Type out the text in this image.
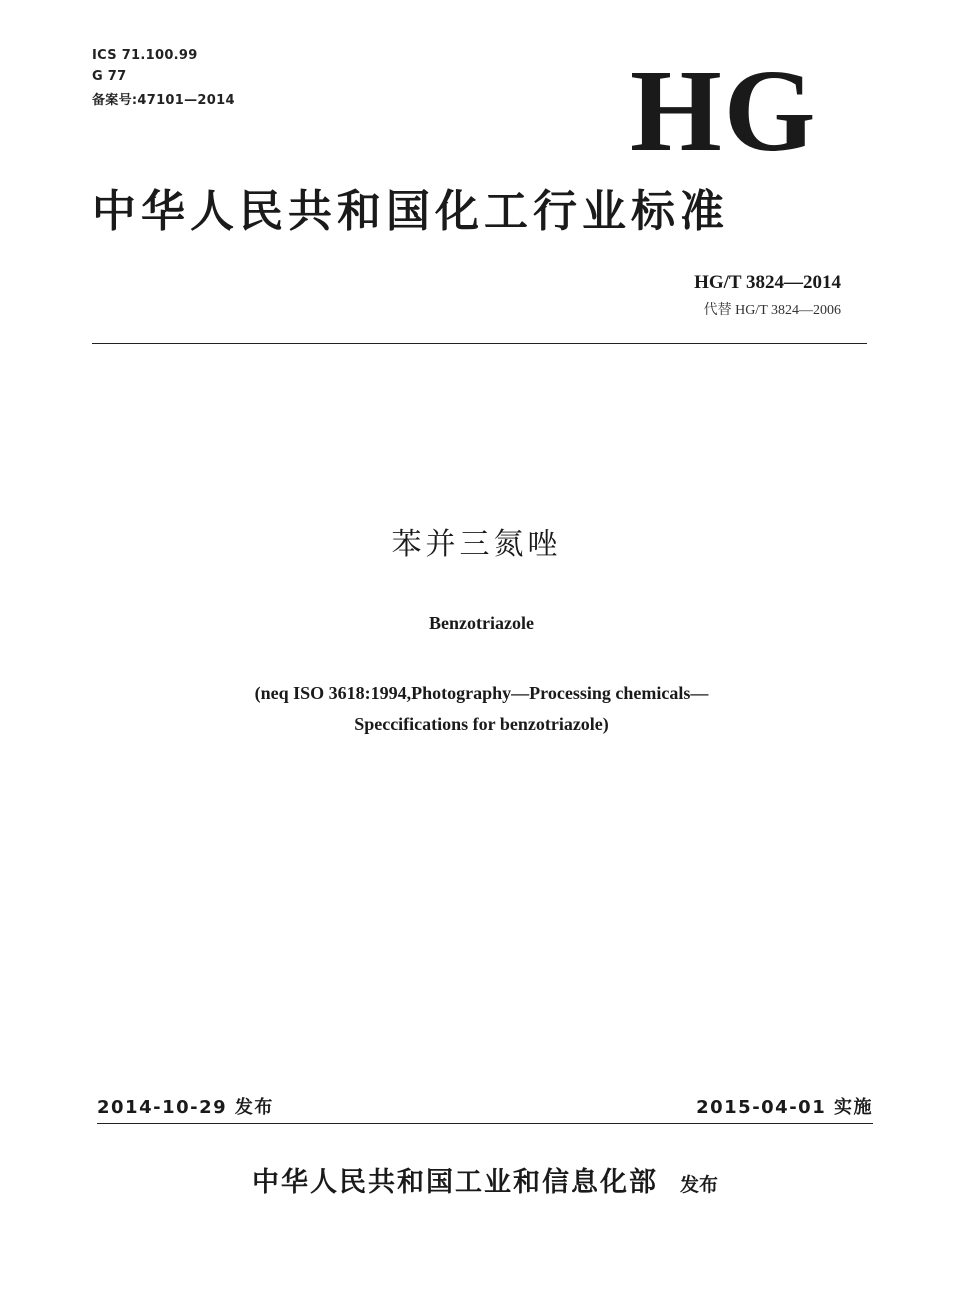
ICS 71.100.99
G 77
备案号:47101—2014	HG
中华人民共和国化工行业标准
HG/T 3824—2014
代替 HG/T 3824—2006
苯并三氮唑
Benzotriazole
(neq ISO 3618:1994,Photography—Processing chemicals—
Speccifications for benzotriazole)
2014-10-29 发布	2015-04-01 实施
中华人民共和国工业和信息化部 发布
